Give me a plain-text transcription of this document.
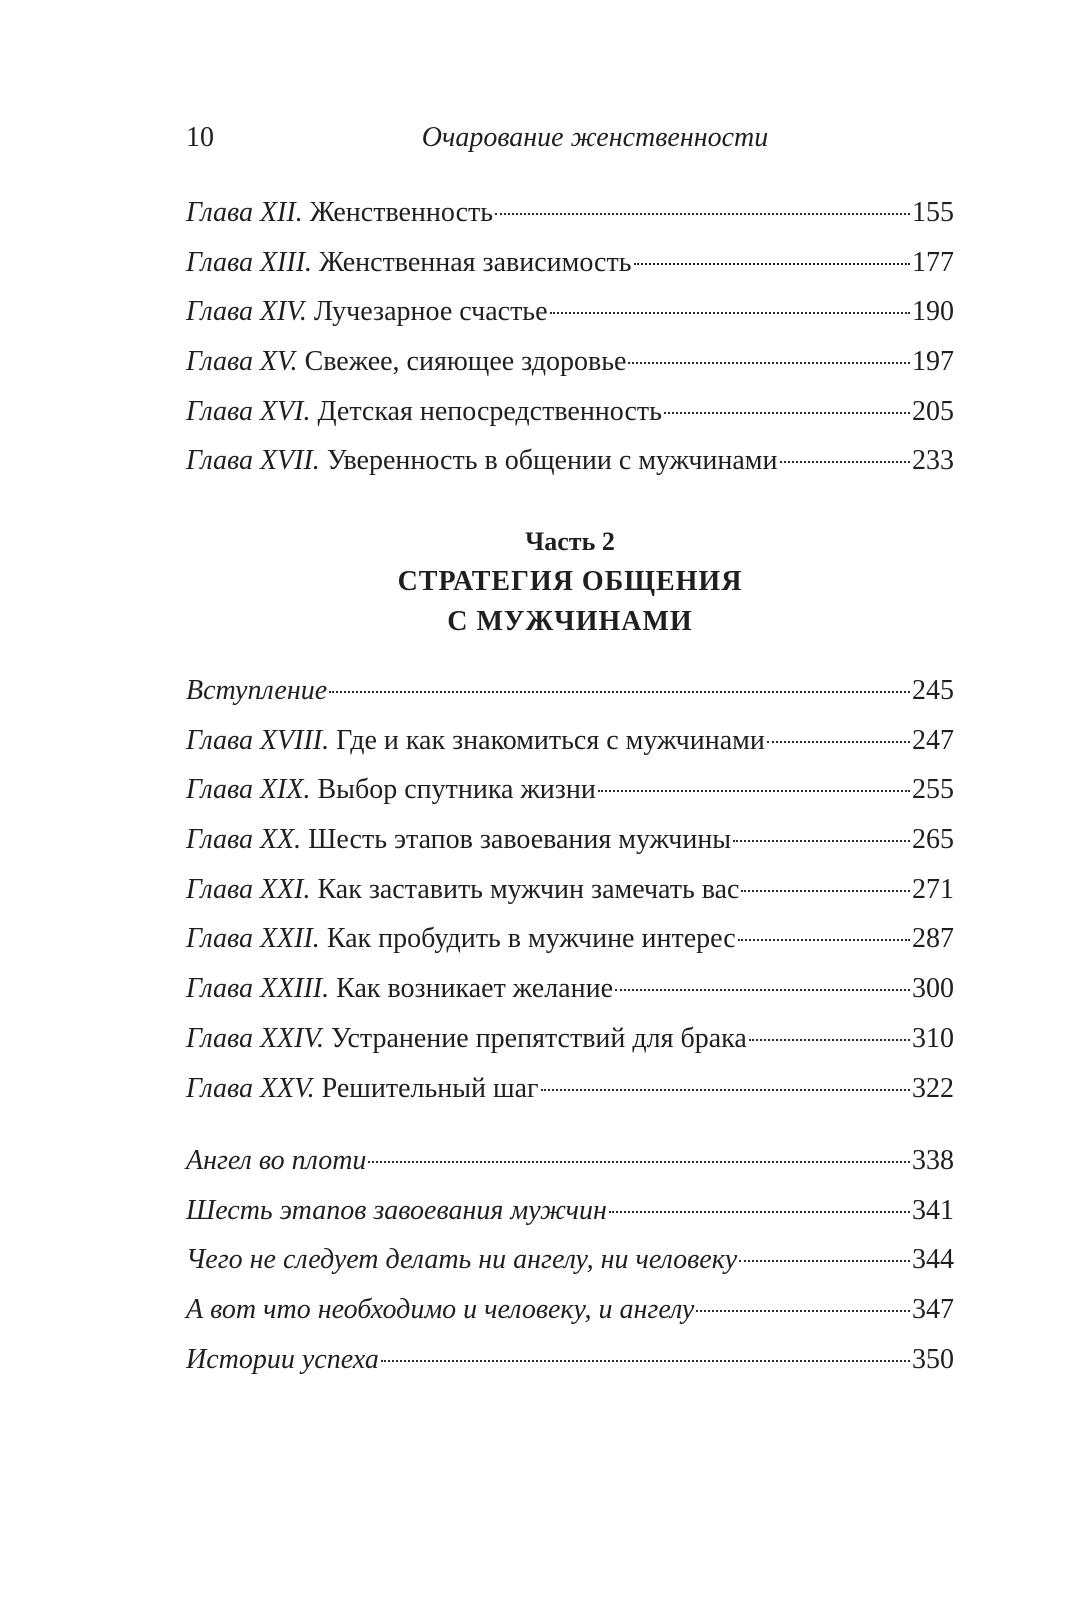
10	Очарование женственности
Глава XII. Женственность	155
Глава XIII. Женственная зависимость	177
Глава XIV. Лучезарное счастье	190
Глава XV. Свежее, сияющее здоровье	197
Глава XVI. Детская непосредственность	205
Глава XVII. Уверенность в общении с мужчинами	233
Часть 2
СТРАТЕГИЯ ОБЩЕНИЯ
С МУЖЧИНАМИ
Вступление	245
Глава XVIII. Где и как знакомиться с мужчинами	247
Глава XIX. Выбор спутника жизни	255
Глава XX. Шесть этапов завоевания мужчины	265
Глава XXI. Как заставить мужчин замечать вас	271
Глава XXII. Как пробудить в мужчине интерес	287
Глава XXIII. Как возникает желание	300
Глава XXIV. Устранение препятствий для брака	310
Глава XXV. Решительный шаг	322
Ангел во плоти	338
Шесть этапов завоевания мужчин	341
Чего не следует делать ни ангелу, ни человеку	344
А вот что необходимо и человеку, и ангелу	347
Истории успеха	350
